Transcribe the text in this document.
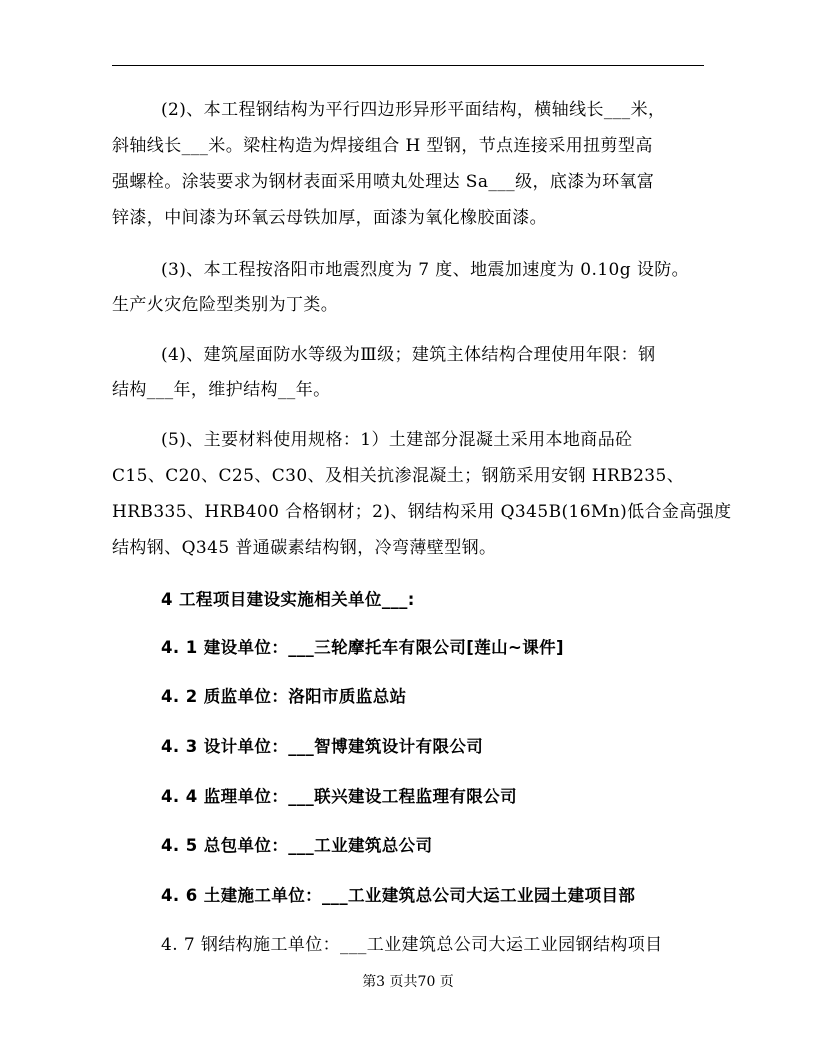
(2)、本工程钢结构为平行四边形异形平面结构，横轴线长___米，
斜轴线长___米。梁柱构造为焊接组合 H 型钢，节点连接采用扭剪型高
强螺栓。涂装要求为钢材表面采用喷丸处理达 Sa___级，底漆为环氧富
锌漆，中间漆为环氧云母铁加厚，面漆为氧化橡胶面漆。
(3)、本工程按洛阳市地震烈度为 7 度、地震加速度为 0.10g 设防。
生产火灾危险型类别为丁类。
(4)、建筑屋面防水等级为Ⅲ级；建筑主体结构合理使用年限：钢
结构___年，维护结构__年。
(5)、主要材料使用规格：1）土建部分混凝土采用本地商品砼
C15、C20、C25、C30、及相关抗渗混凝土；钢筋采用安钢 HRB235、
HRB335、HRB400 合格钢材；2)、钢结构采用 Q345B(16Mn)低合金高强度
结构钢、Q345 普通碳素结构钢，冷弯薄壁型钢。
4 工程项目建设实施相关单位___:
4. 1 建设单位：___三轮摩托车有限公司[莲山~课件]
4. 2 质监单位：洛阳市质监总站
4. 3 设计单位：___智博建筑设计有限公司
4. 4 监理单位：___联兴建设工程监理有限公司
4. 5 总包单位：___工业建筑总公司
4. 6 土建施工单位：___工业建筑总公司大运工业园土建项目部
4. 7 钢结构施工单位：___工业建筑总公司大运工业园钢结构项目
第3 页共70 页
